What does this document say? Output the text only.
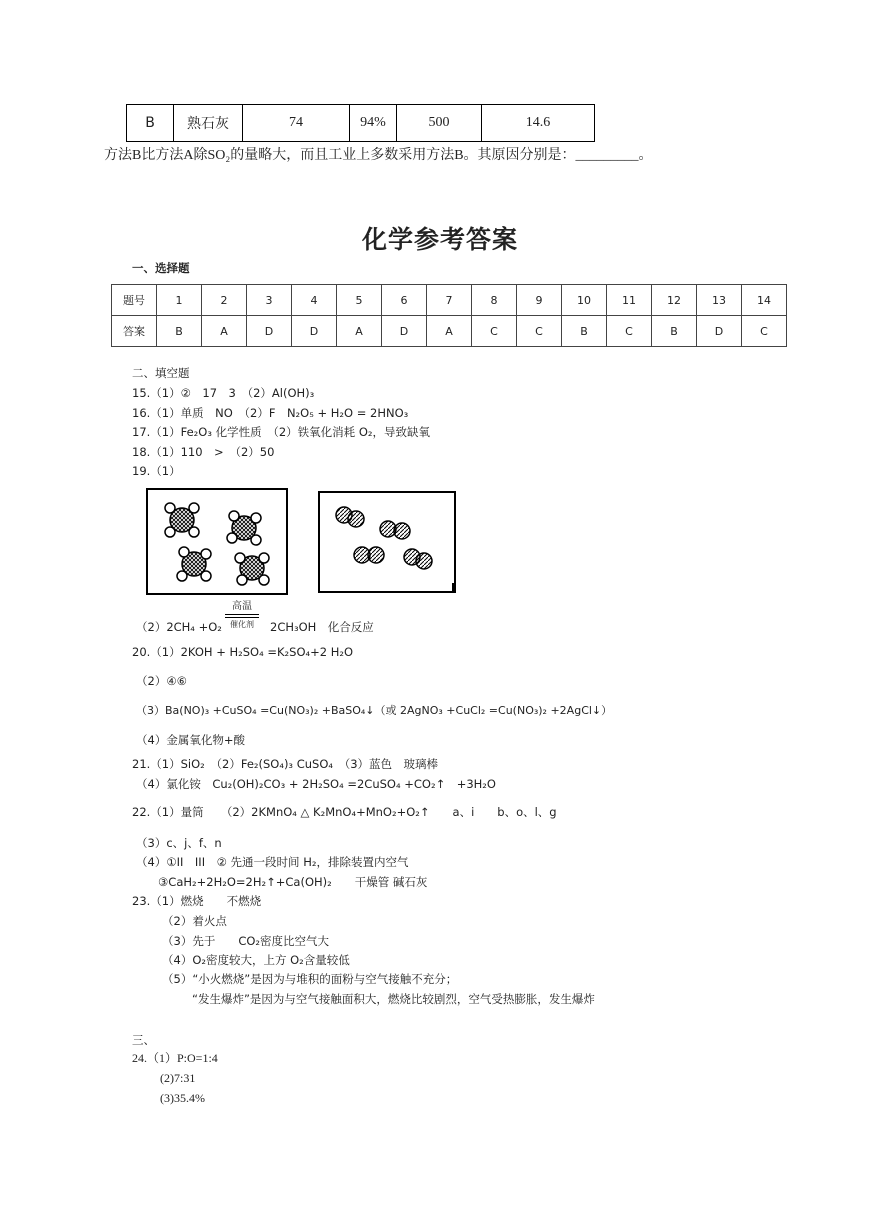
B	熟石灰	74	94%	500	14.6
方法B比方法A除SO₂的量略大，而且工业上多数采用方法B。其原因分别是：_________。
化学参考答案
一、选择题
题号	1	2	3	4	5	6	7	8	9	10	11	12	13	14
答案	B	A	D	D	A	D	A	C	C	B	C	B	D	C
二、填空题
15.（1）②　17　3　（2）Al(OH)₃
16.（1）单质　NO　（2）F　N₂O₅ + H₂O = 2HNO₃
17.（1）Fe₂O₃ 化学性质　（2）铁氧化消耗 O₂，导致缺氧
18.（1）110　>　（2）50
19.（1）
（2）2CH₄ +O₂
高温
催化剂	2CH₃OH　化合反应
20.（1）2KOH + H₂SO₄ =K₂SO₄+2 H₂O
（2）④⑥
（3）Ba(NO)₃ +CuSO₄ =Cu(NO₃)₂ +BaSO₄↓（或 2AgNO₃ +CuCl₂ =Cu(NO₃)₂ +2AgCl↓）
（4）金属氧化物+酸
21.（1）SiO₂　（2）Fe₂(SO₄)₃ CuSO₄　（3）蓝色　玻璃棒
（4）氯化铵　Cu₂(OH)₂CO₃ + 2H₂SO₄ =2CuSO₄ +CO₂↑　+3H₂O
22.（1）量筒　　（2）2KMnO₄ △ K₂MnO₄+MnO₂+O₂↑　　a、i　　b、o、l、g
（3）c、j、f、n
（4）①II　III　② 先通一段时间 H₂，排除装置内空气
③CaH₂+2H₂O=2H₂↑+Ca(OH)₂　　干燥管 碱石灰
23.（1）燃烧　　不燃烧
（2）着火点
（3）先于　　CO₂密度比空气大
（4）O₂密度较大，上方 O₂含量较低
（5）“小火燃烧”是因为与堆积的面粉与空气接触不充分；
“发生爆炸”是因为与空气接触面积大，燃烧比较剧烈，空气受热膨胀，发生爆炸
三、
24.（1）P:O=1:4
(2)7:31
(3)35.4%
